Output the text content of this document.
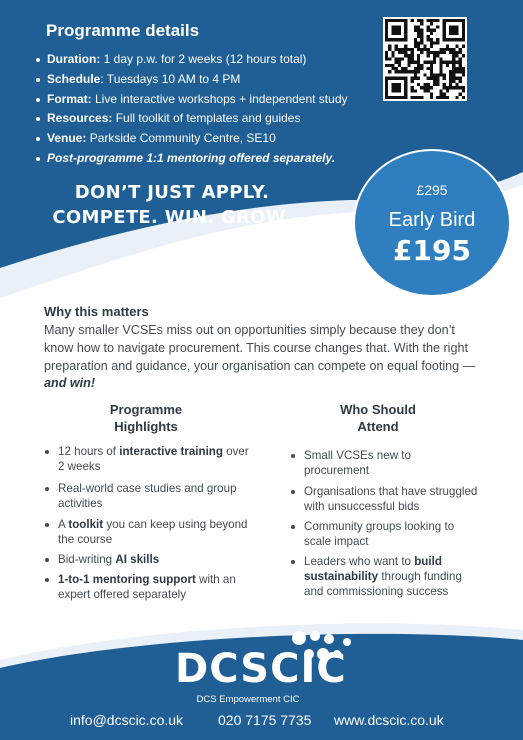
Programme details
Duration: 1 day p.w. for 2 weeks (12 hours total)
Schedule: Tuesdays 10 AM to 4 PM
Format: Live interactive workshops + independent study
Resources: Full toolkit of templates and guides
Venue: Parkside Community Centre, SE10
Post-programme 1:1 mentoring offered separately.
DON’T JUST APPLY.
COMPETE. WIN. GROW.
£295
Early Bird
£195
Why this matters

Many smaller VCSEs miss out on opportunities simply because they don’t know how to navigate procurement. This course changes that. With the right preparation and guidance, your organisation can compete on equal footing — and win!

Programme
Highlights
Who Should
Attend
12 hours of interactive training over 2 weeks
Real-world case studies and group activities
A toolkit you can keep using beyond the course
Bid-writing AI skills
1-to-1 mentoring support with an expert offered separately
Small VCSEs new to procurement
Organisations that have struggled with unsuccessful bids
Community groups looking to scale impact
Leaders who want to build sustainability through funding and commissioning success
DCSCIC
DCS Empowerment CIC
info@dcscic.co.uk 020 7175 7735 www.dcscic.co.uk
